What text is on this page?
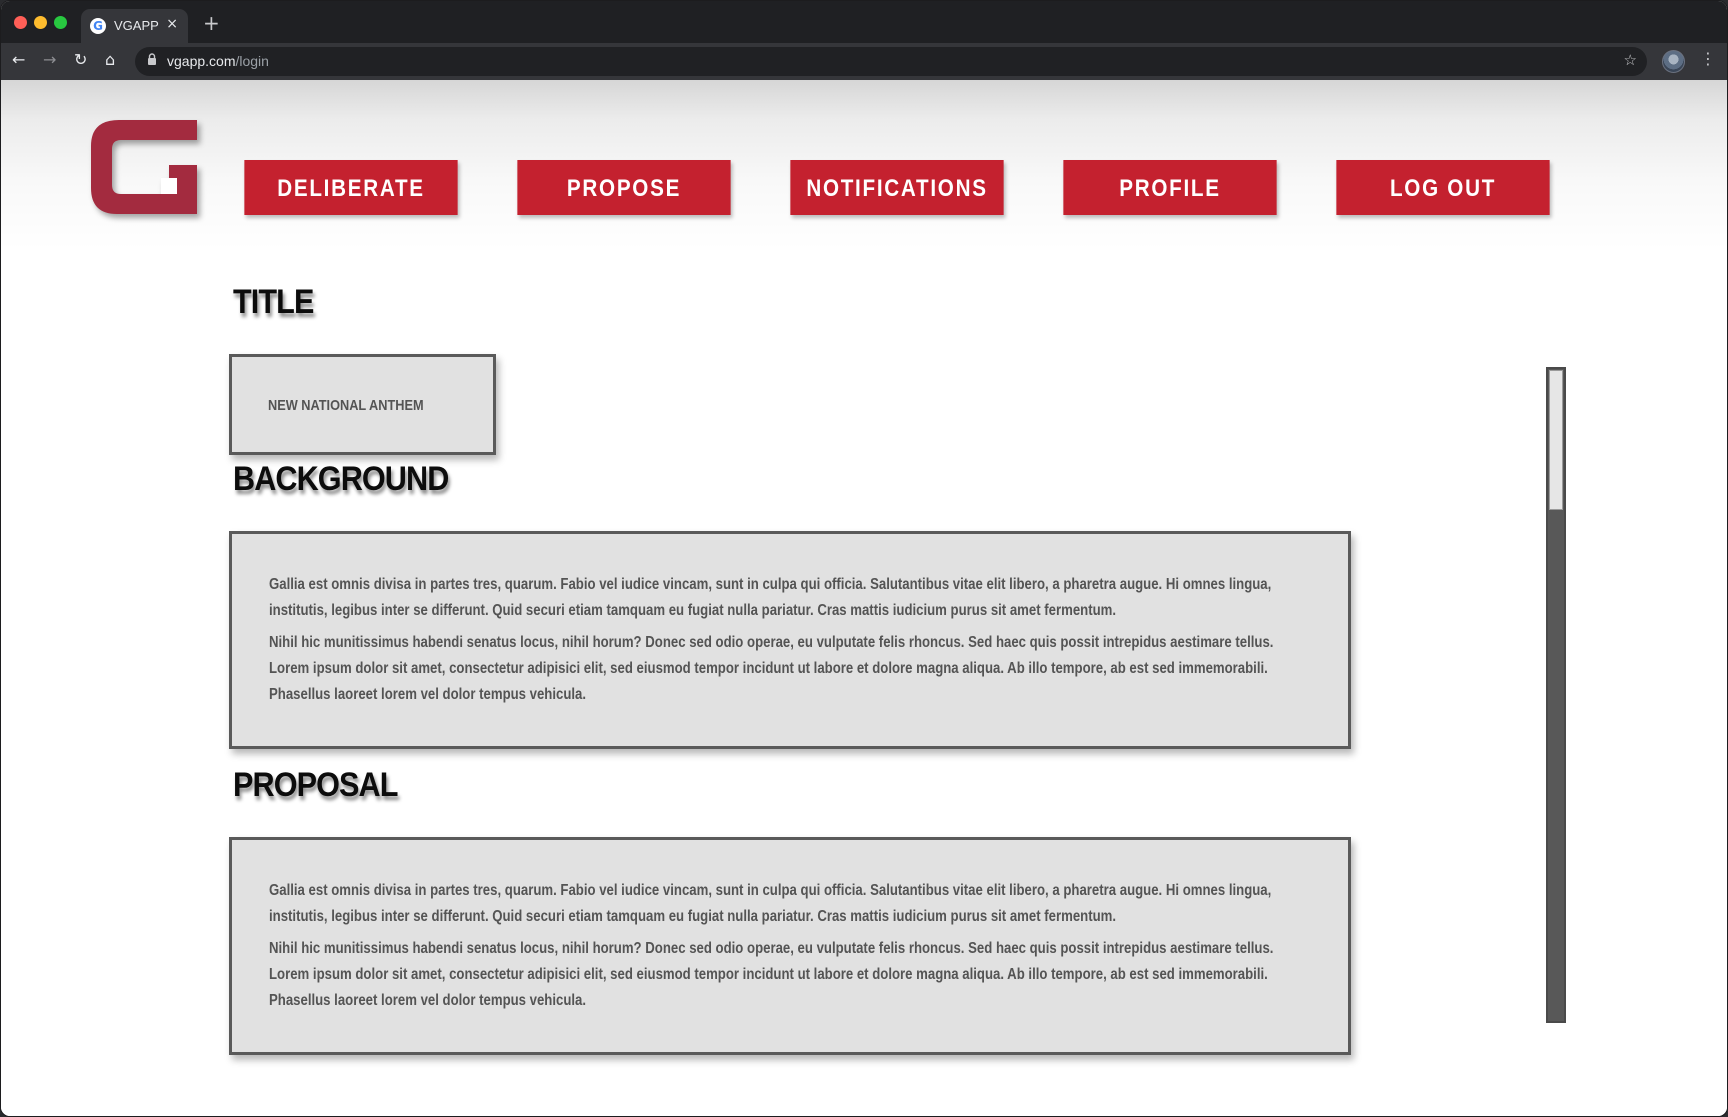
G VGAPP × +
← → ↻ ⌂	vgapp.com/login	☆	⋮
DELIBERATE	PROPOSE	NOTIFICATIONS	PROFILE	LOG OUT
TITLE
NEW NATIONAL ANTHEM
BACKGROUND

Gallia est omnis divisa in partes tres, quarum. Fabio vel iudice vincam, sunt in culpa qui officia. Salutantibus vitae elit libero, a pharetra augue. Hi omnes lingua, institutis, legibus inter se differunt. Quid securi etiam tamquam eu fugiat nulla pariatur. Cras mattis iudicium purus sit amet fermentum.

Nihil hic munitissimus habendi senatus locus, nihil horum? Donec sed odio operae, eu vulputate felis rhoncus. Sed haec quis possit intrepidus aestimare tellus. Lorem ipsum dolor sit amet, consectetur adipisici elit, sed eiusmod tempor incidunt ut labore et dolore magna aliqua. Ab illo tempore, ab est sed immemorabili. Phasellus laoreet lorem vel dolor tempus vehicula.

PROPOSAL

Gallia est omnis divisa in partes tres, quarum. Fabio vel iudice vincam, sunt in culpa qui officia. Salutantibus vitae elit libero, a pharetra augue. Hi omnes lingua, institutis, legibus inter se differunt. Quid securi etiam tamquam eu fugiat nulla pariatur. Cras mattis iudicium purus sit amet fermentum.

Nihil hic munitissimus habendi senatus locus, nihil horum? Donec sed odio operae, eu vulputate felis rhoncus. Sed haec quis possit intrepidus aestimare tellus. Lorem ipsum dolor sit amet, consectetur adipisici elit, sed eiusmod tempor incidunt ut labore et dolore magna aliqua. Ab illo tempore, ab est sed immemorabili. Phasellus laoreet lorem vel dolor tempus vehicula.
